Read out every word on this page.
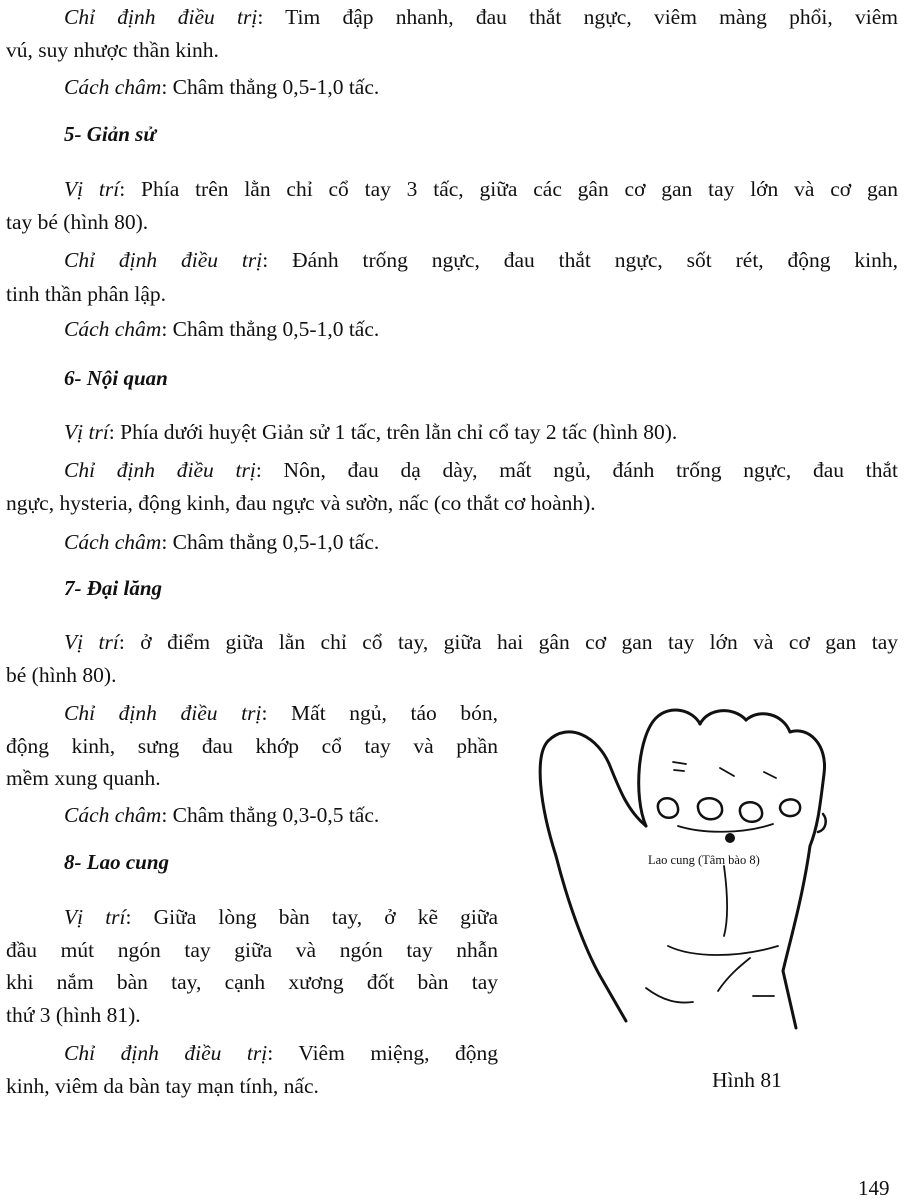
Chỉ định điều trị: Tim đập nhanh, đau thắt ngực, viêm màng phổi, viêm
vú, suy nhược thần kinh.
Cách châm: Châm thẳng 0,5-1,0 tấc.
5- Giản sử
Vị trí: Phía trên lằn chỉ cổ tay 3 tấc, giữa các gân cơ gan tay lớn và cơ gan
tay bé (hình 80).
Chỉ định điều trị: Đánh trống ngực, đau thắt ngực, sốt rét, động kinh,
tinh thần phân lập.
Cách châm: Châm thẳng 0,5-1,0 tấc.
6- Nội quan
Vị trí: Phía dưới huyệt Giản sử 1 tấc, trên lằn chỉ cổ tay 2 tấc (hình 80).
Chỉ định điều trị: Nôn, đau dạ dày, mất ngủ, đánh trống ngực, đau thắt
ngực, hysteria, động kinh, đau ngực và sườn, nấc (co thắt cơ hoành).
Cách châm: Châm thẳng 0,5-1,0 tấc.
7- Đại lăng
Vị trí: ở điểm giữa lằn chỉ cổ tay, giữa hai gân cơ gan tay lớn và cơ gan tay
bé (hình 80).
Chỉ định điều trị: Mất ngủ, táo bón,
động kinh, sưng đau khớp cổ tay và phần
mềm xung quanh.
Cách châm: Châm thẳng 0,3-0,5 tấc.
8- Lao cung
Vị trí: Giữa lòng bàn tay, ở kẽ giữa
đầu mút ngón tay giữa và ngón tay nhẫn
khi nắm bàn tay, cạnh xương đốt bàn tay
thứ 3 (hình 81).
Chỉ định điều trị: Viêm miệng, động
kinh, viêm da bàn tay mạn tính, nấc.
Lao cung (Tâm bào 8)
Hình 81
149
